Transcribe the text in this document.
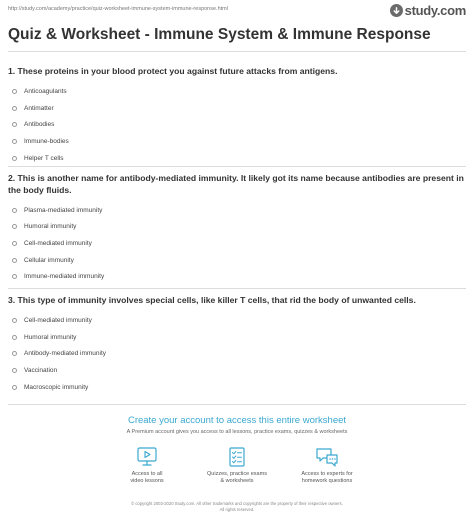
http://study.com/academy/practice/quiz-worksheet-immune-system-immune-response.html	study.com
Quiz & Worksheet - Immune System & Immune Response
1. These proteins in your blood protect you against future attacks from antigens.
Anticoagulants
Antimatter
Antibodies
Immune-bodies
Helper T cells
2. This is another name for antibody-mediated immunity. It likely got its name because antibodies are present in the body fluids.
Plasma-mediated immunity
Humoral immunity
Cell-mediated immunity
Cellular immunity
Immune-mediated immunity
3. This type of immunity involves special cells, like killer T cells, that rid the body of unwanted cells.
Cell-mediated immunity
Humoral immunity
Antibody-mediated immunity
Vaccination
Macroscopic immunity
Create your account to access this entire worksheet
A Premium account gives you access to all lessons, practice exams, quizzes & worksheets
Access to all
video lessons
Quizzes, practice exams
& worksheets
Access to experts for
homework questions
© copyright 2003-2020 Study.com. All other trademarks and copyrights are the property of their respective owners.
All rights reserved.
